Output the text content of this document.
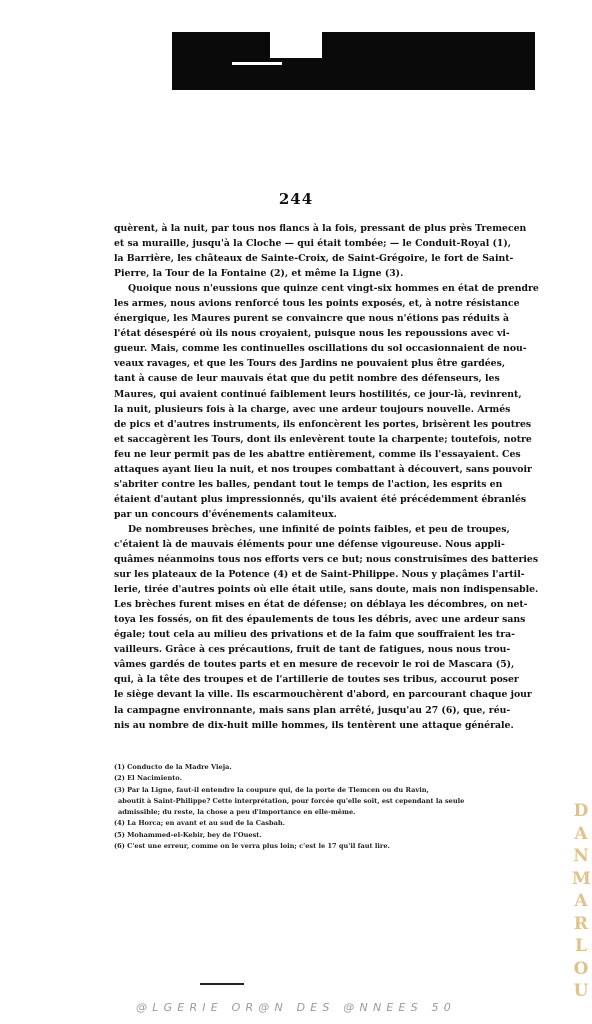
244
quèrent, à la nuit, par tous nos flancs à la fois, pressant de plus près Tremecen
et sa muraille, jusqu'à la Cloche — qui était tombée; — le Conduit-Royal (1),
la Barrière, les châteaux de Sainte-Croix, de Saint-Grégoire, le fort de Saint-
Pierre, la Tour de la Fontaine (2), et même la Ligne (3).
Quoique nous n'eussions que quinze cent vingt-six hommes en état de prendre
les armes, nous avions renforcé tous les points exposés, et, à notre résistance
énergique, les Maures purent se convaincre que nous n'étions pas réduits à
l'état désespéré où ils nous croyaient, puisque nous les repoussions avec vi-
gueur. Mais, comme les continuelles oscillations du sol occasionnaient de nou-
veaux ravages, et que les Tours des Jardins ne pouvaient plus être gardées,
tant à cause de leur mauvais état que du petit nombre des défenseurs, les
Maures, qui avaient continué faiblement leurs hostilités, ce jour-là, revinrent,
la nuit, plusieurs fois à la charge, avec une ardeur toujours nouvelle. Armés
de pics et d'autres instruments, ils enfoncèrent les portes, brisèrent les poutres
et saccagèrent les Tours, dont ils enlevèrent toute la charpente; toutefois, notre
feu ne leur permit pas de les abattre entièrement, comme ils l'essayaient. Ces
attaques ayant lieu la nuit, et nos troupes combattant à découvert, sans pouvoir
s'abriter contre les balles, pendant tout le temps de l'action, les esprits en
étaient d'autant plus impressionnés, qu'ils avaient été précédemment ébranlés
par un concours d'événements calamiteux.
De nombreuses brèches, une infinité de points faibles, et peu de troupes,
c'étaient là de mauvais éléments pour une défense vigoureuse. Nous appli-
quâmes néanmoins tous nos efforts vers ce but; nous construisîmes des batteries
sur les plateaux de la Potence (4) et de Saint-Philippe. Nous y plaçâmes l'artil-
lerie, tirée d'autres points où elle était utile, sans doute, mais non indispensable.
Les brèches furent mises en état de défense; on déblaya les décombres, on net-
toya les fossés, on fit des épaulements de tous les débris, avec une ardeur sans
égale; tout cela au milieu des privations et de la faim que souffraient les tra-
vailleurs. Grâce à ces précautions, fruit de tant de fatigues, nous nous trou-
vâmes gardés de toutes parts et en mesure de recevoir le roi de Mascara (5),
qui, à la tête des troupes et de l'artillerie de toutes ses tribus, accourut poser
le siège devant la ville. Ils escarmouchèrent d'abord, en parcourant chaque jour
la campagne environnante, mais sans plan arrêté, jusqu'au 27 (6), que, réu-
nis au nombre de dix-huit mille hommes, ils tentèrent une attaque générale.
(1) Conducto de la Madre Vieja.
(2) El Nacimiento.
(3) Par la Ligne, faut-il entendre la coupure qui, de la porte de Tlemcen ou du Ravin,
aboutit à Saint-Philippe? Cette interprétation, pour forcée qu'elle soit, est cependant la seule
admissible; du reste, la chose a peu d'importance en elle-même.
(4) La Horca; en avant et au sud de la Casbah.
(5) Mohammed-el-Kebir, bey de l'Ouest.
(6) C'est une erreur, comme on le verra plus loin; c'est le 17 qu'il faut lire.
D
A
N
M
A
R
L
O
U
@LGERIE OR@N DES @NNEES 50
